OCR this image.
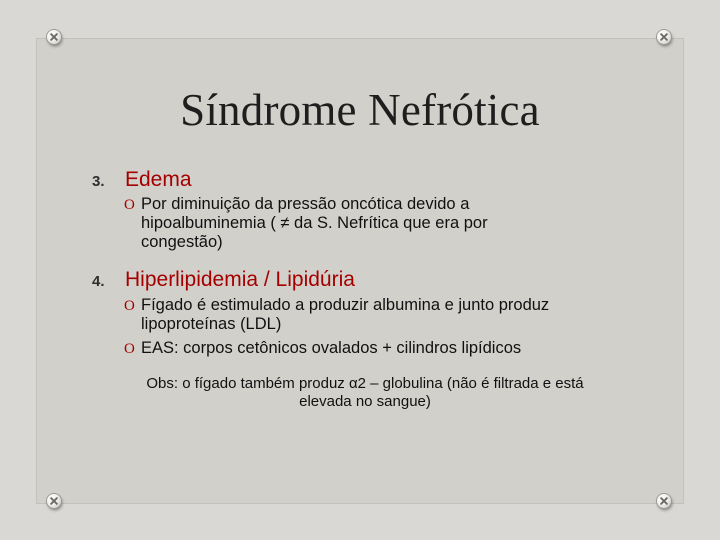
Síndrome Nefrótica
3. Edema
O Por diminuição da pressão oncótica devido a
hipoalbuminemia ( ≠ da S. Nefrítica que era por
congestão)
4. Hiperlipidemia / Lipidúria
O Fígado é estimulado a produzir albumina e junto produz
lipoproteínas (LDL)
O EAS: corpos cetônicos ovalados + cilindros lipídicos
Obs: o fígado também produz α2 – globulina (não é filtrada e está
elevada no sangue)
